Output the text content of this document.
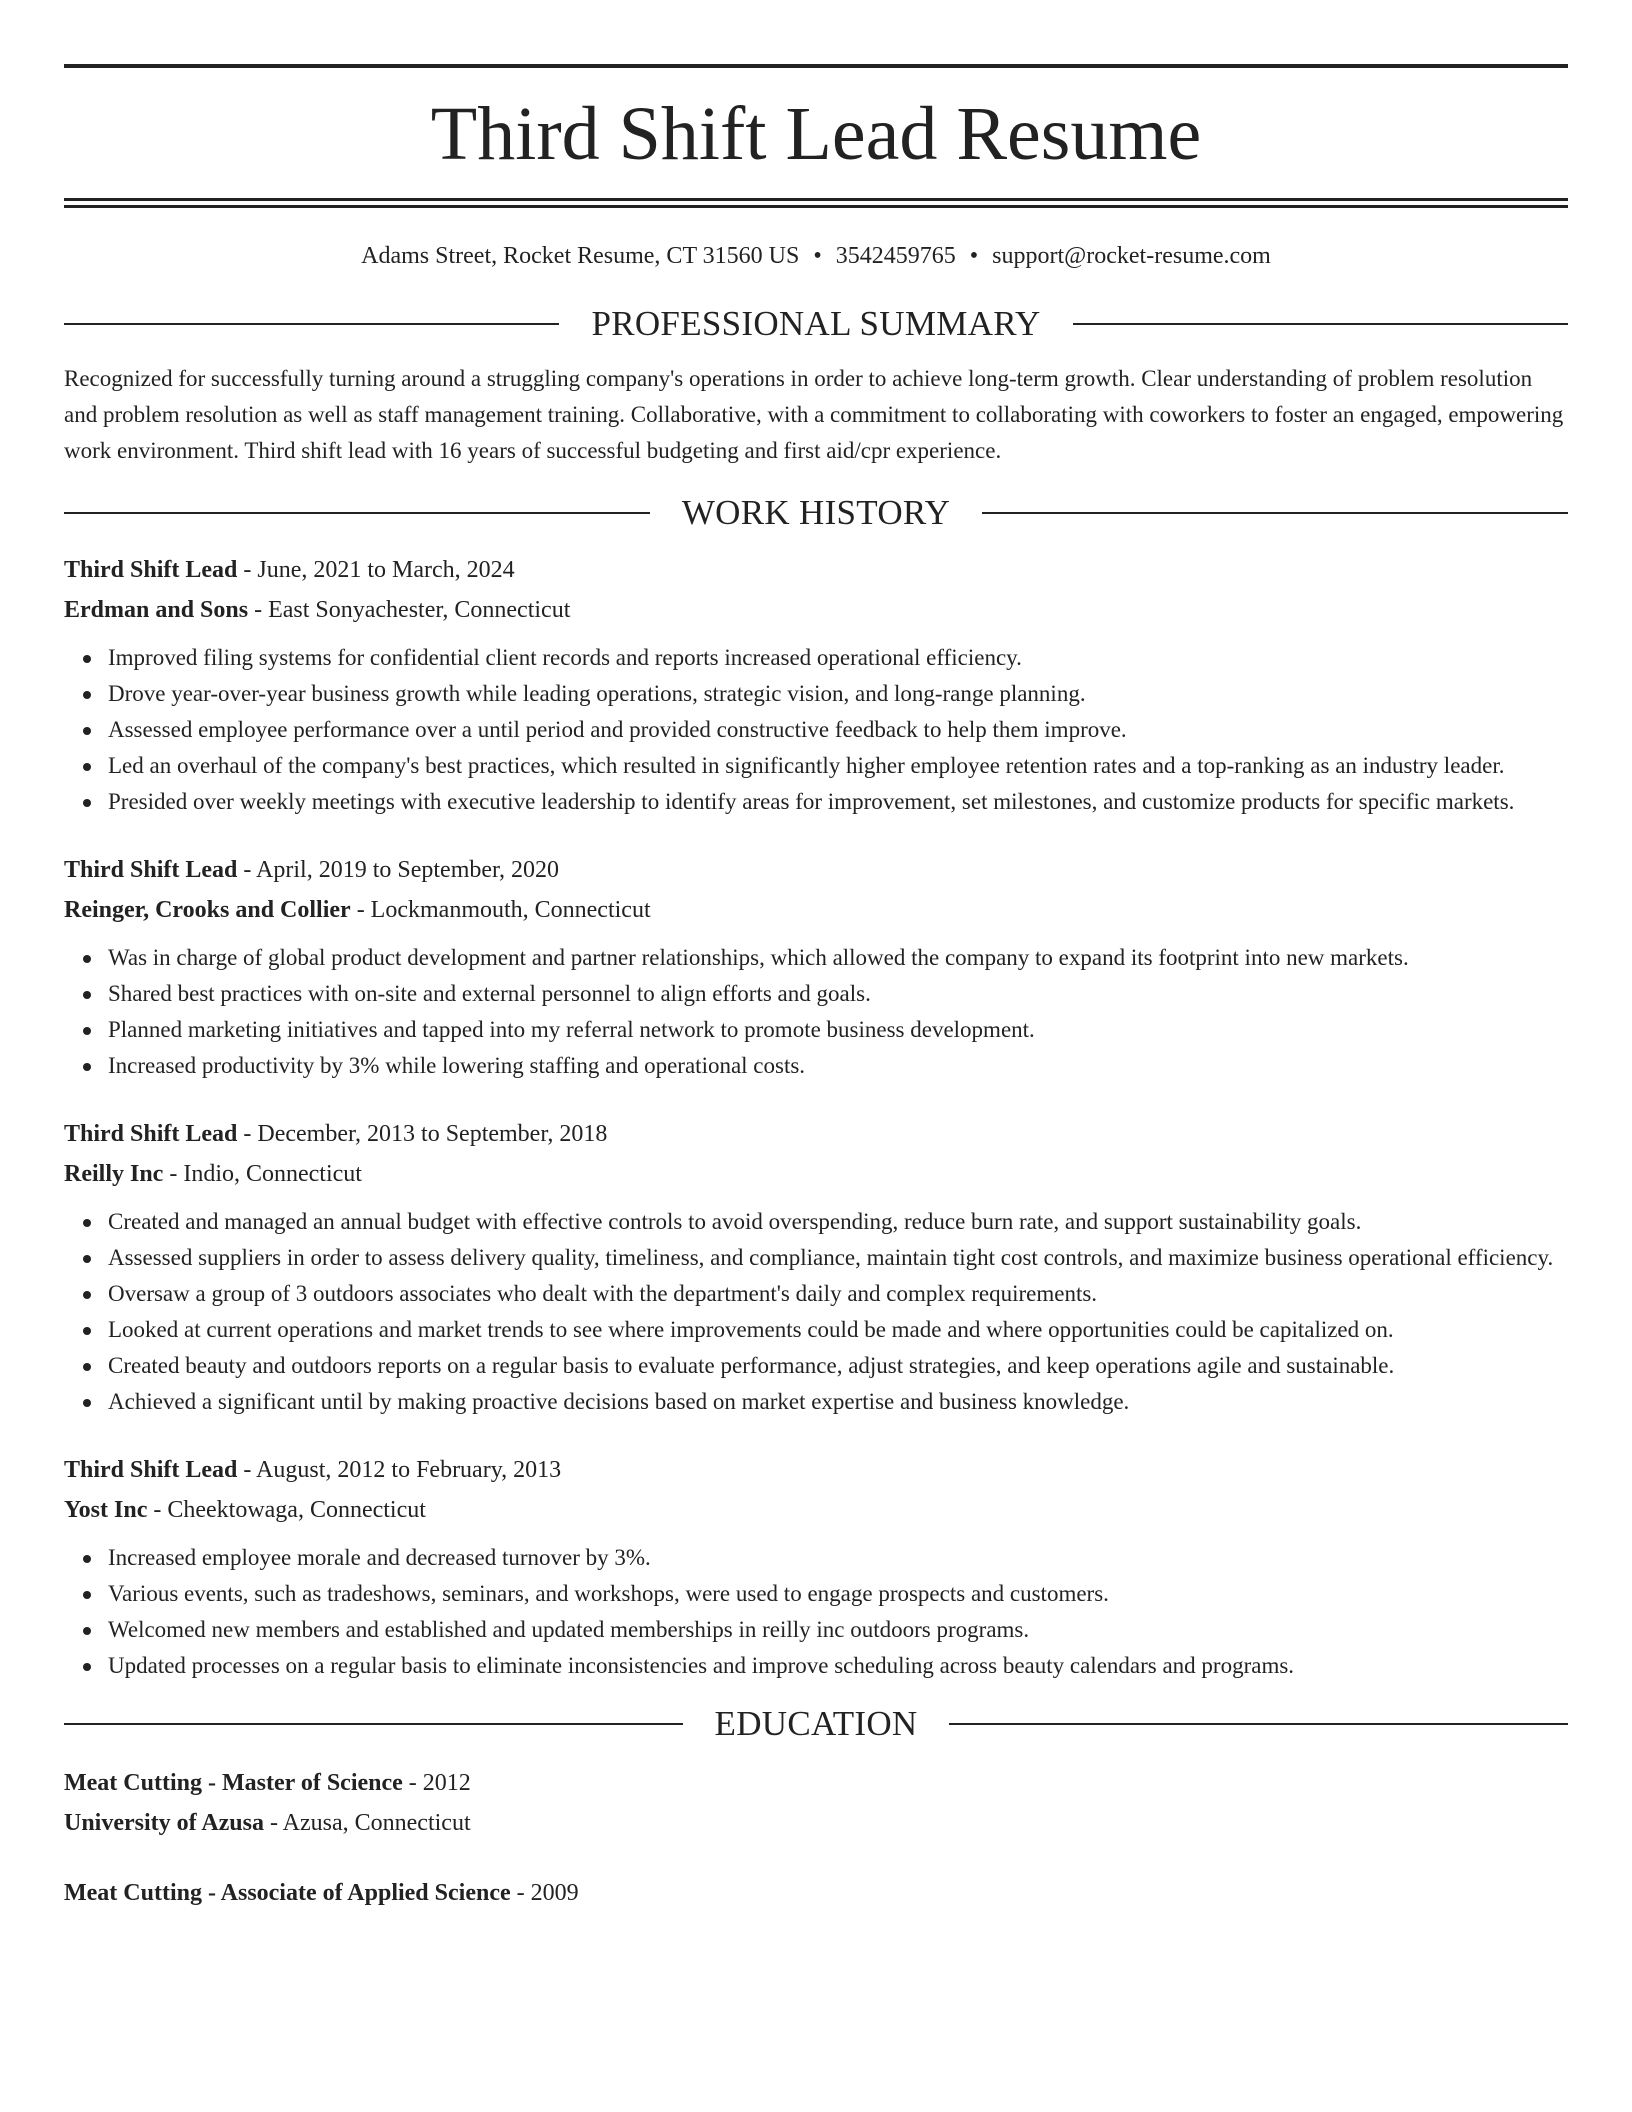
Third Shift Lead Resume
Adams Street, Rocket Resume, CT 31560 US • 3542459765 • support@rocket-resume.com
PROFESSIONAL SUMMARY

Recognized for successfully turning around a struggling company's operations in order to achieve long-term growth. Clear understanding of problem resolution and problem resolution as well as staff management training. Collaborative, with a commitment to collaborating with coworkers to foster an engaged, empowering work environment. Third shift lead with 16 years of successful budgeting and first aid/cpr experience.

WORK HISTORY
Third Shift Lead - June, 2021 to March, 2024
Erdman and Sons - East Sonyachester, Connecticut
Improved filing systems for confidential client records and reports increased operational efficiency.
Drove year-over-year business growth while leading operations, strategic vision, and long-range planning.
Assessed employee performance over a until period and provided constructive feedback to help them improve.
Led an overhaul of the company's best practices, which resulted in significantly higher employee retention rates and a top-ranking as an industry leader.
Presided over weekly meetings with executive leadership to identify areas for improvement, set milestones, and customize products for specific markets.
Third Shift Lead - April, 2019 to September, 2020
Reinger, Crooks and Collier - Lockmanmouth, Connecticut
Was in charge of global product development and partner relationships, which allowed the company to expand its footprint into new markets.
Shared best practices with on-site and external personnel to align efforts and goals.
Planned marketing initiatives and tapped into my referral network to promote business development.
Increased productivity by 3% while lowering staffing and operational costs.
Third Shift Lead - December, 2013 to September, 2018
Reilly Inc - Indio, Connecticut
Created and managed an annual budget with effective controls to avoid overspending, reduce burn rate, and support sustainability goals.
Assessed suppliers in order to assess delivery quality, timeliness, and compliance, maintain tight cost controls, and maximize business operational efficiency.
Oversaw a group of 3 outdoors associates who dealt with the department's daily and complex requirements.
Looked at current operations and market trends to see where improvements could be made and where opportunities could be capitalized on.
Created beauty and outdoors reports on a regular basis to evaluate performance, adjust strategies, and keep operations agile and sustainable.
Achieved a significant until by making proactive decisions based on market expertise and business knowledge.
Third Shift Lead - August, 2012 to February, 2013
Yost Inc - Cheektowaga, Connecticut
Increased employee morale and decreased turnover by 3%.
Various events, such as tradeshows, seminars, and workshops, were used to engage prospects and customers.
Welcomed new members and established and updated memberships in reilly inc outdoors programs.
Updated processes on a regular basis to eliminate inconsistencies and improve scheduling across beauty calendars and programs.
EDUCATION
Meat Cutting - Master of Science - 2012
University of Azusa - Azusa, Connecticut
Meat Cutting - Associate of Applied Science - 2009
